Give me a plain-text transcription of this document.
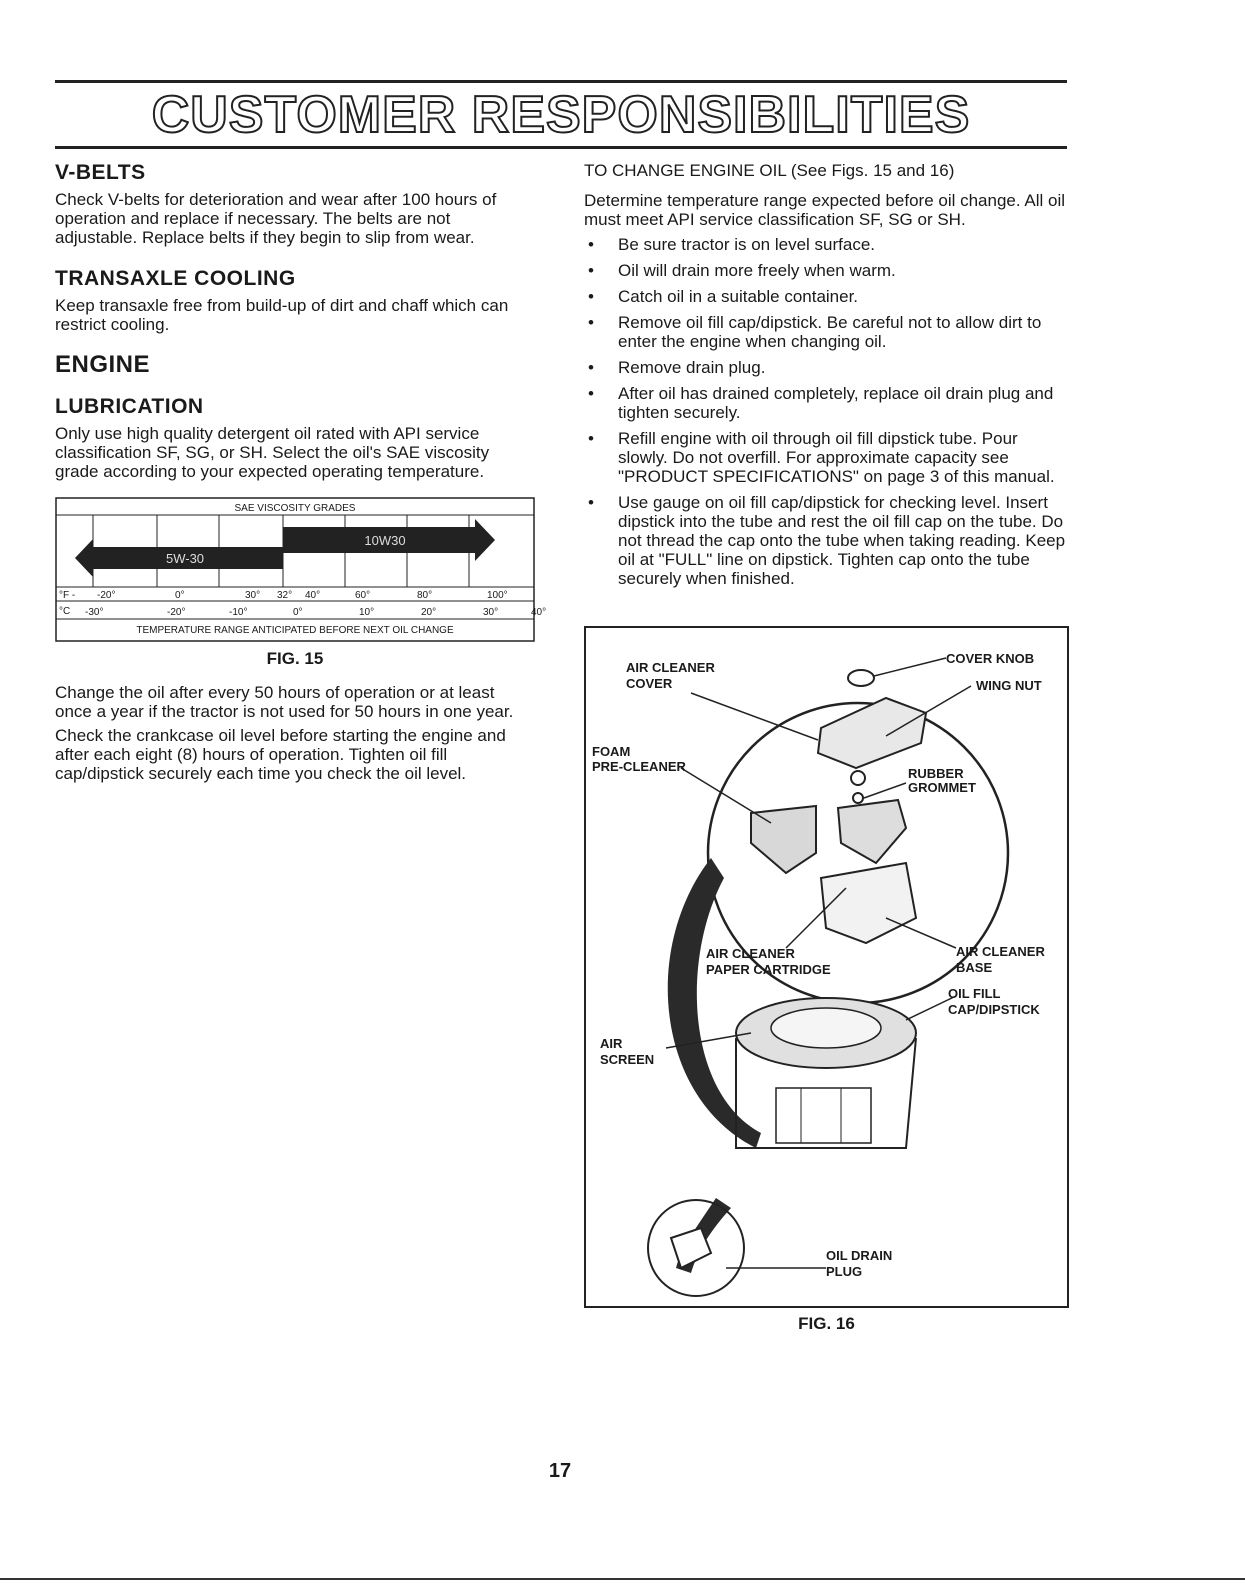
CUSTOMER RESPONSIBILITIES
V-BELTS

Check V-belts for deterioration and wear after 100 hours of operation and replace if necessary. The belts are not adjustable. Replace belts if they begin to slip from wear.

TRANSAXLE COOLING

Keep transaxle free from build-up of dirt and chaff which can restrict cooling.

ENGINE
LUBRICATION

Only use high quality detergent oil rated with API service classification SF, SG, or SH. Select the oil's SAE viscosity grade according to your expected operating temperature.

SAE VISCOSITY GRADES
10W30
5W-30
°F - -20°	0°	30° 32° 40°	60°	80°	100°
°C -30°	-20°	-10°	0°	10°	20°	30°	40°
TEMPERATURE RANGE ANTICIPATED BEFORE NEXT OIL CHANGE
FIG. 15

Change the oil after every 50 hours of operation or at least once a year if the tractor is not used for 50 hours in one year.

Check the crankcase oil level before starting the engine and after each eight (8) hours of operation. Tighten oil fill cap/dipstick securely each time you check the oil level.

TO CHANGE ENGINE OIL (See Figs. 15 and 16)

Determine temperature range expected before oil change. All oil must meet API service classification SF, SG or SH.

• Be sure tractor is on level surface.
• Oil will drain more freely when warm.
• Catch oil in a suitable container.
• Remove oil fill cap/dipstick. Be careful not to allow dirt to enter the engine when changing oil.
• Remove drain plug.
• After oil has drained completely, replace oil drain plug and tighten securely.
• Refill engine with oil through oil fill dipstick tube. Pour slowly. Do not overfill. For approximate capacity see "PRODUCT SPECIFICATIONS" on page 3 of this manual.
• Use gauge on oil fill cap/dipstick for checking level. Insert dipstick into the tube and rest the oil fill cap on the tube. Do not thread the cap onto the tube when taking reading. Keep oil at "FULL" line on dipstick. Tighten cap onto the tube securely when finished.
AIR CLEANER
COVER
COVER KNOB
WING NUT
FOAM
PRE-CLEANER	RUBBER
GROMMET
AIR CLEANER
PAPER CARTRIDGE
AIR CLEANER
BASE
OIL FILL
CAP/DIPSTICK
AIR
SCREEN
OIL DRAIN
PLUG
FIG. 16
17
